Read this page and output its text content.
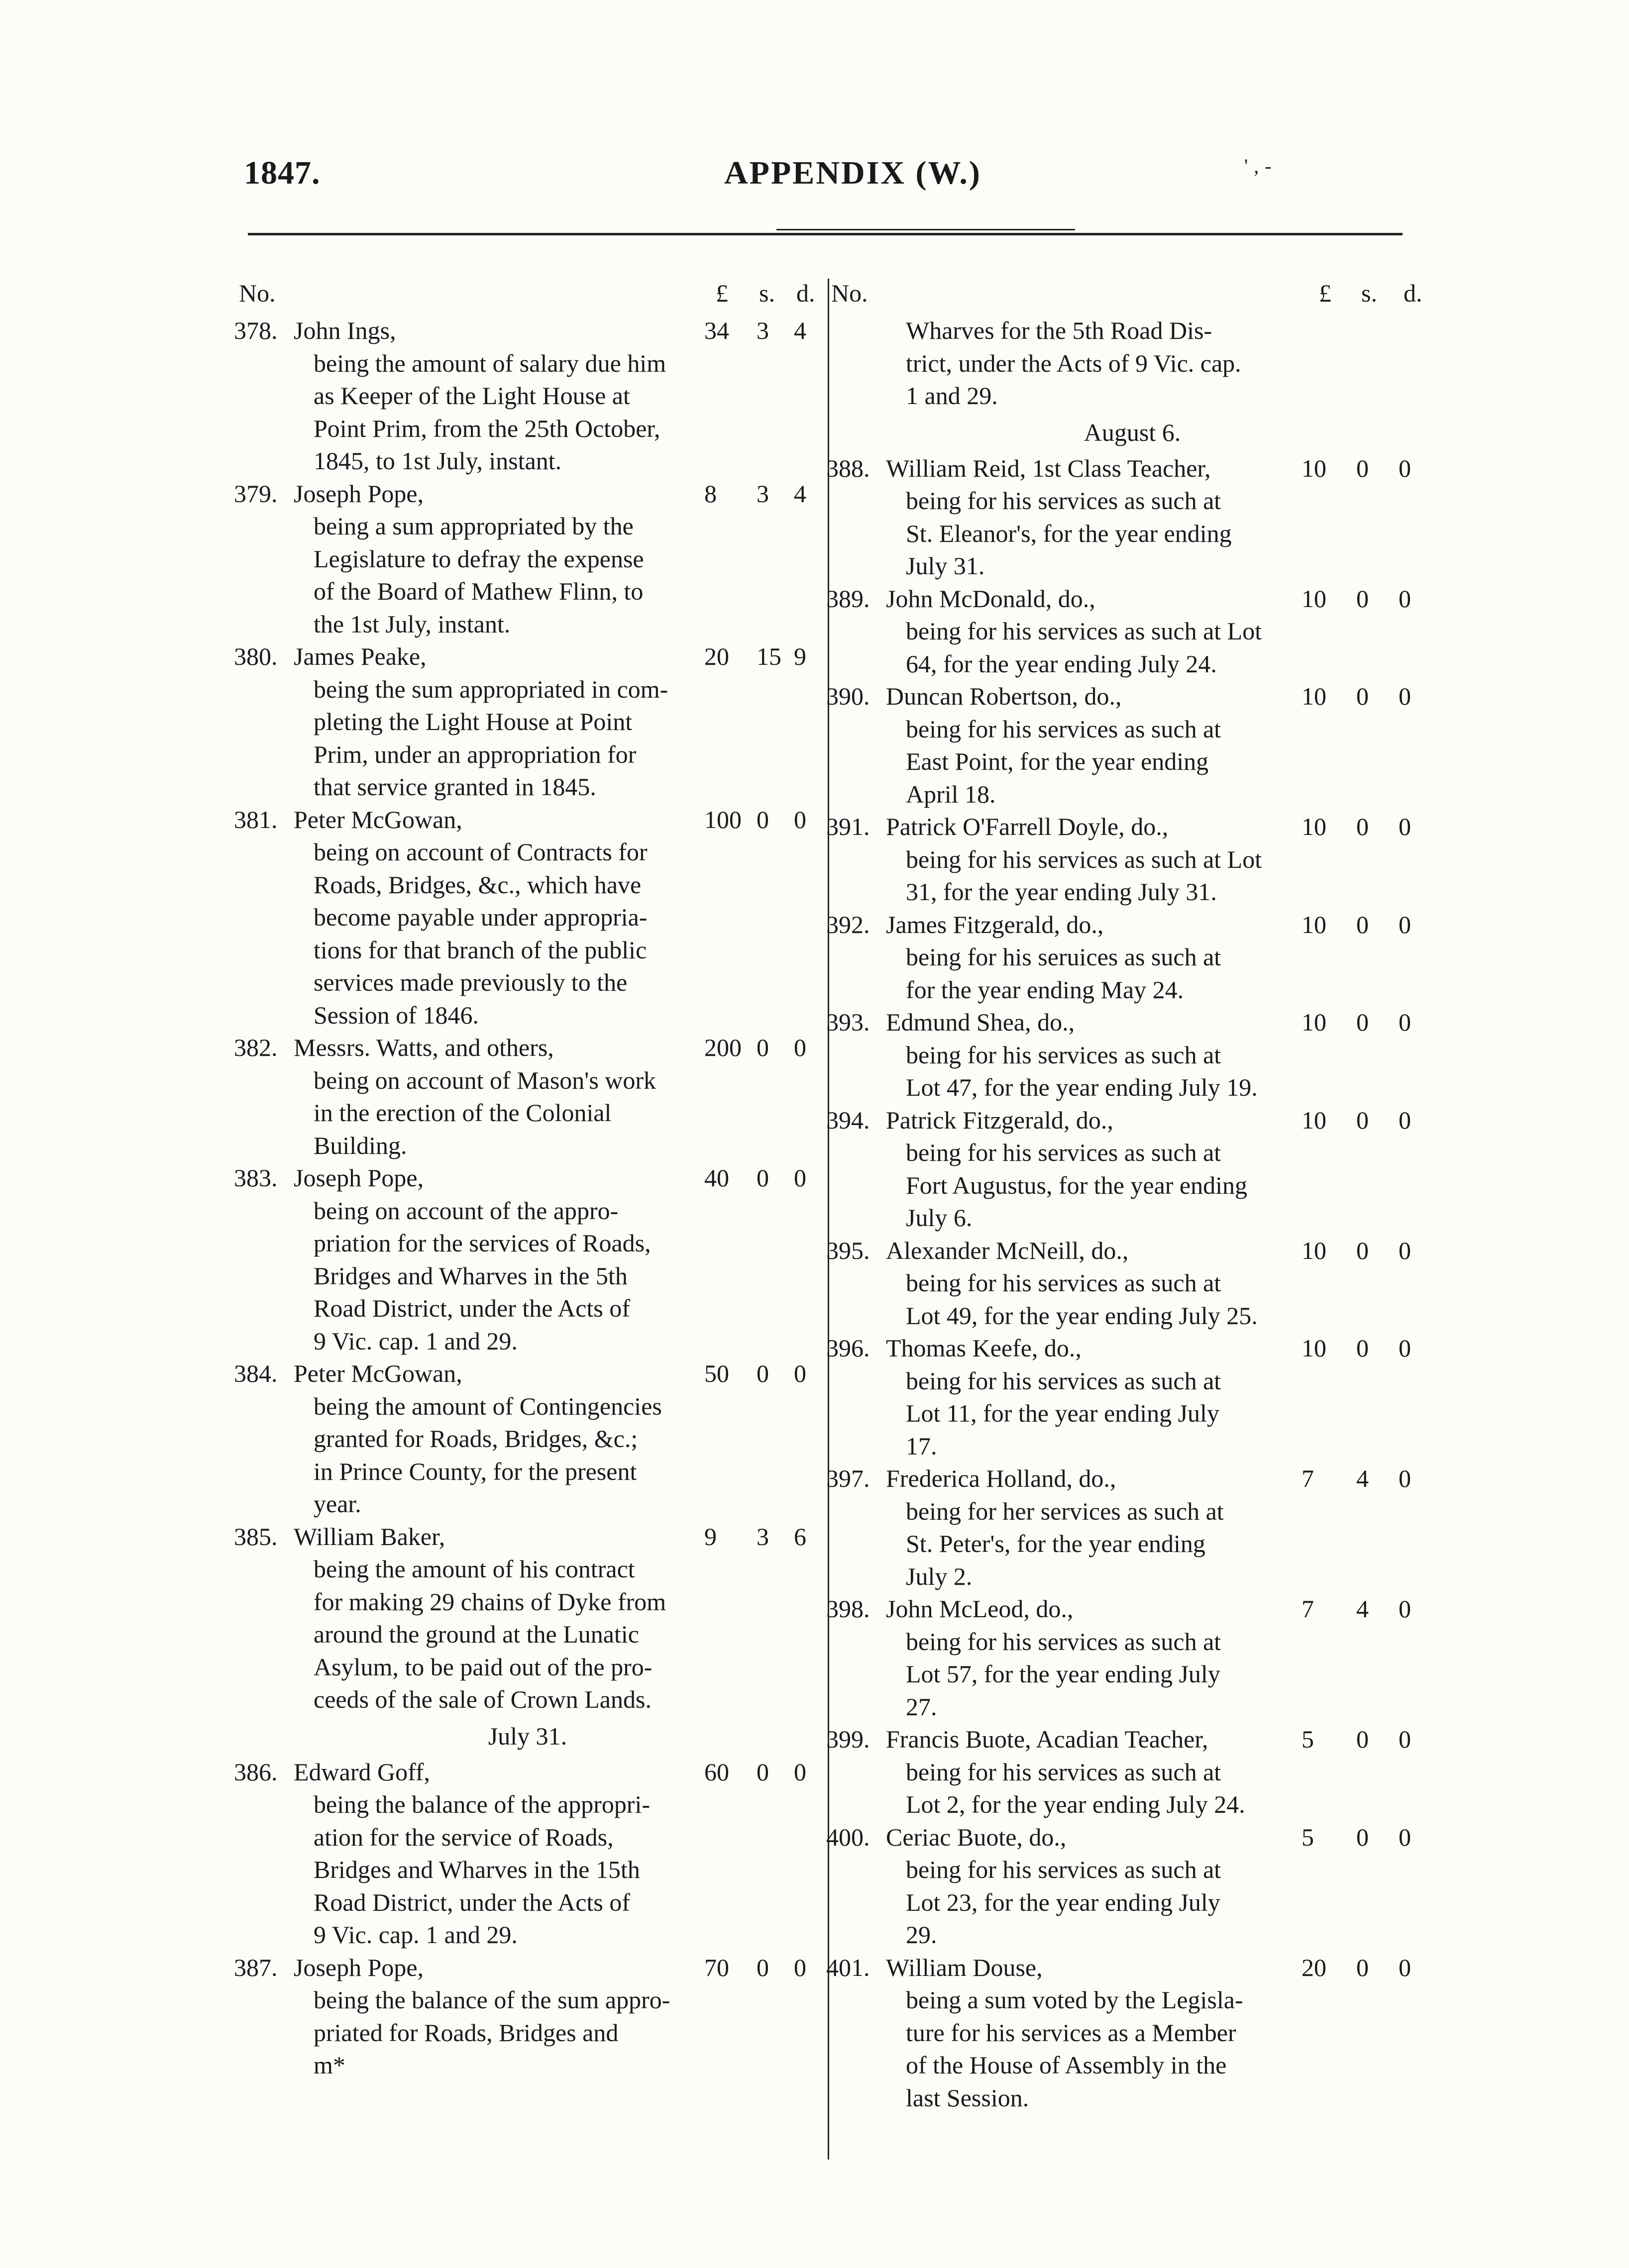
1847.	APPENDIX (W.)	' , -
No.	£ s. d.
378. John Ings,	34 3 4
being the amount of salary due him
as Keeper of the Light House at
Point Prim, from the 25th October,
1845, to 1st July, instant.
379. Joseph Pope,	8 3 4
being a sum appropriated by the
Legislature to defray the expense
of the Board of Mathew Flinn, to
the 1st July, instant.
380. James Peake,	20 15 9
being the sum appropriated in com-
pleting the Light House at Point
Prim, under an appropriation for
that service granted in 1845.
381. Peter McGowan,	100 0 0
being on account of Contracts for
Roads, Bridges, &c., which have
become payable under appropria-
tions for that branch of the public
services made previously to the
Session of 1846.
382. Messrs. Watts, and others,	200 0 0
being on account of Mason's work
in the erection of the Colonial
Building.
383. Joseph Pope,	40 0 0
being on account of the appro-
priation for the services of Roads,
Bridges and Wharves in the 5th
Road District, under the Acts of
9 Vic. cap. 1 and 29.
384. Peter McGowan,	50 0 0
being the amount of Contingencies
granted for Roads, Bridges, &c.;
in Prince County, for the present
year.
385. William Baker,	9 3 6
being the amount of his contract
for making 29 chains of Dyke from
around the ground at the Lunatic
Asylum, to be paid out of the pro-
ceeds of the sale of Crown Lands.
July 31.
386. Edward Goff,	60 0 0
being the balance of the appropri-
ation for the service of Roads,
Bridges and Wharves in the 15th
Road District, under the Acts of
9 Vic. cap. 1 and 29.
387. Joseph Pope,	70 0 0
being the balance of the sum appro-
priated for Roads, Bridges and
m*
No.	£ s. d.
Wharves for the 5th Road Dis-
trict, under the Acts of 9 Vic. cap.
1 and 29.
August 6.
388. William Reid, 1st Class Teacher,	10 0 0
being for his services as such at
St. Eleanor's, for the year ending
July 31.
389. John McDonald, do.,	10 0 0
being for his services as such at Lot
64, for the year ending July 24.
390. Duncan Robertson, do.,	10 0 0
being for his services as such at
East Point, for the year ending
April 18.
391. Patrick O'Farrell Doyle, do.,	10 0 0
being for his services as such at Lot
31, for the year ending July 31.
392. James Fitzgerald, do.,	10 0 0
being for his seruices as such at
for the year ending May 24.
393. Edmund Shea, do.,	10 0 0
being for his services as such at
Lot 47, for the year ending July 19.
394. Patrick Fitzgerald, do.,	10 0 0
being for his services as such at
Fort Augustus, for the year ending
July 6.
395. Alexander McNeill, do.,	10 0 0
being for his services as such at
Lot 49, for the year ending July 25.
396. Thomas Keefe, do.,	10 0 0
being for his services as such at
Lot 11, for the year ending July
17.
397. Frederica Holland, do.,	7 4 0
being for her services as such at
St. Peter's, for the year ending
July 2.
398. John McLeod, do.,	7 4 0
being for his services as such at
Lot 57, for the year ending July
27.
399. Francis Buote, Acadian Teacher,	5 0 0
being for his services as such at
Lot 2, for the year ending July 24.
400. Ceriac Buote, do.,	5 0 0
being for his services as such at
Lot 23, for the year ending July
29.
401. William Douse,	20 0 0
being a sum voted by the Legisla-
ture for his services as a Member
of the House of Assembly in the
last Session.
